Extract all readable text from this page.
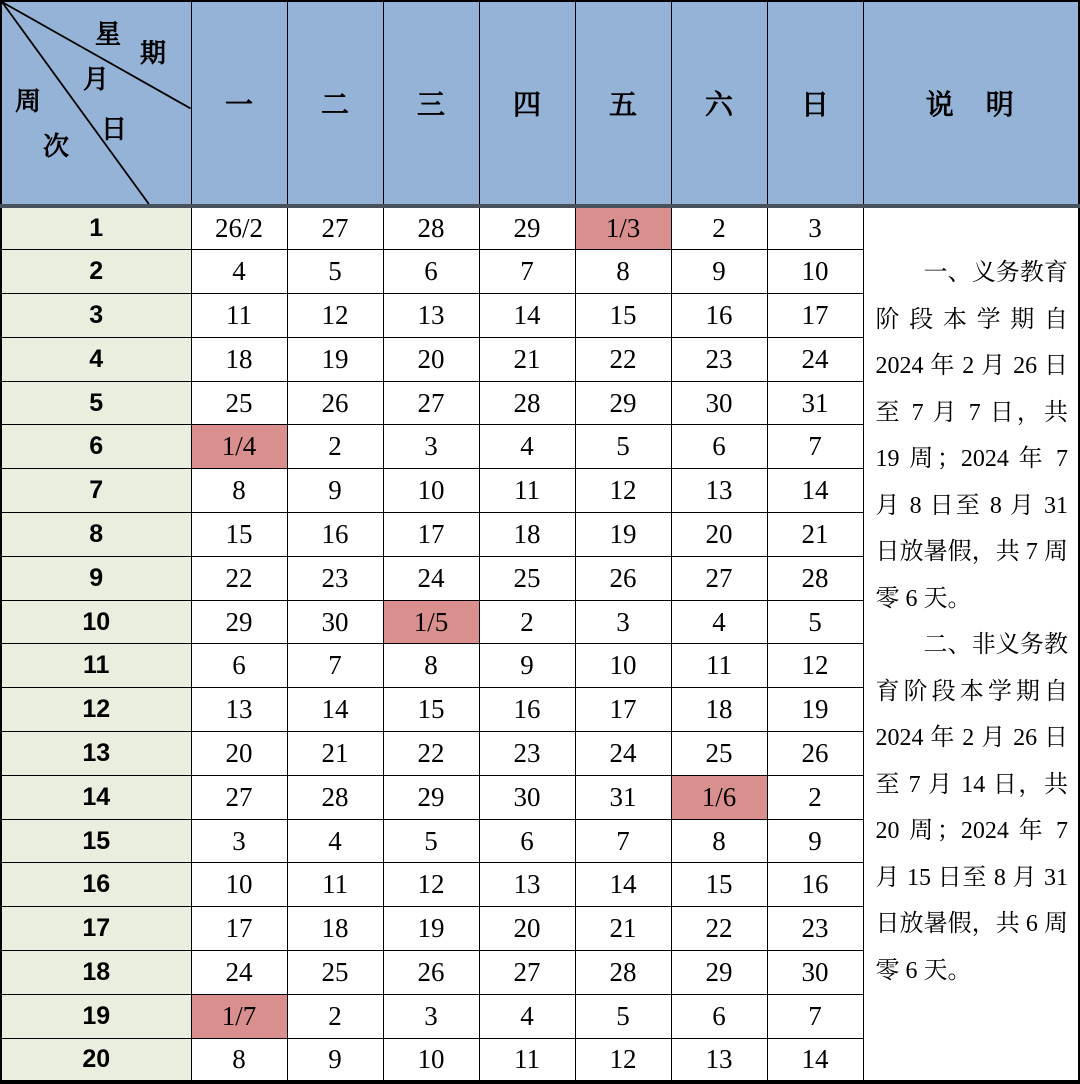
星
期
月
日
周
次
	一	二	三	四	五	六	日	说　明
1	26/2	27	28	29	1/3	2	3	一、义务教育阶段本学期自 2024 年 2 月 26 日至 7 月 7 日，共 19 周；2024 年 7 月 8 日至 8 月 31 日放暑假，共 7 周零 6 天。

二、非义务教育阶段本学期自 2024 年 2 月 26 日至 7 月 14 日，共 20 周；2024 年 7 月 15 日至 8 月 31 日放暑假，共 6 周零 6 天。

2	4	5	6	7	8	9	10	
3	11	12	13	14	15	16	17	
4	18	19	20	21	22	23	24	
5	25	26	27	28	29	30	31	
6	1/4	2	3	4	5	6	7	
7	8	9	10	11	12	13	14	
8	15	16	17	18	19	20	21	
9	22	23	24	25	26	27	28	
10	29	30	1/5	2	3	4	5	
11	6	7	8	9	10	11	12	
12	13	14	15	16	17	18	19	
13	20	21	22	23	24	25	26	
14	27	28	29	30	31	1/6	2	
15	3	4	5	6	7	8	9	
16	10	11	12	13	14	15	16	
17	17	18	19	20	21	22	23	
18	24	25	26	27	28	29	30	
19	1/7	2	3	4	5	6	7	
20	8	9	10	11	12	13	14	
